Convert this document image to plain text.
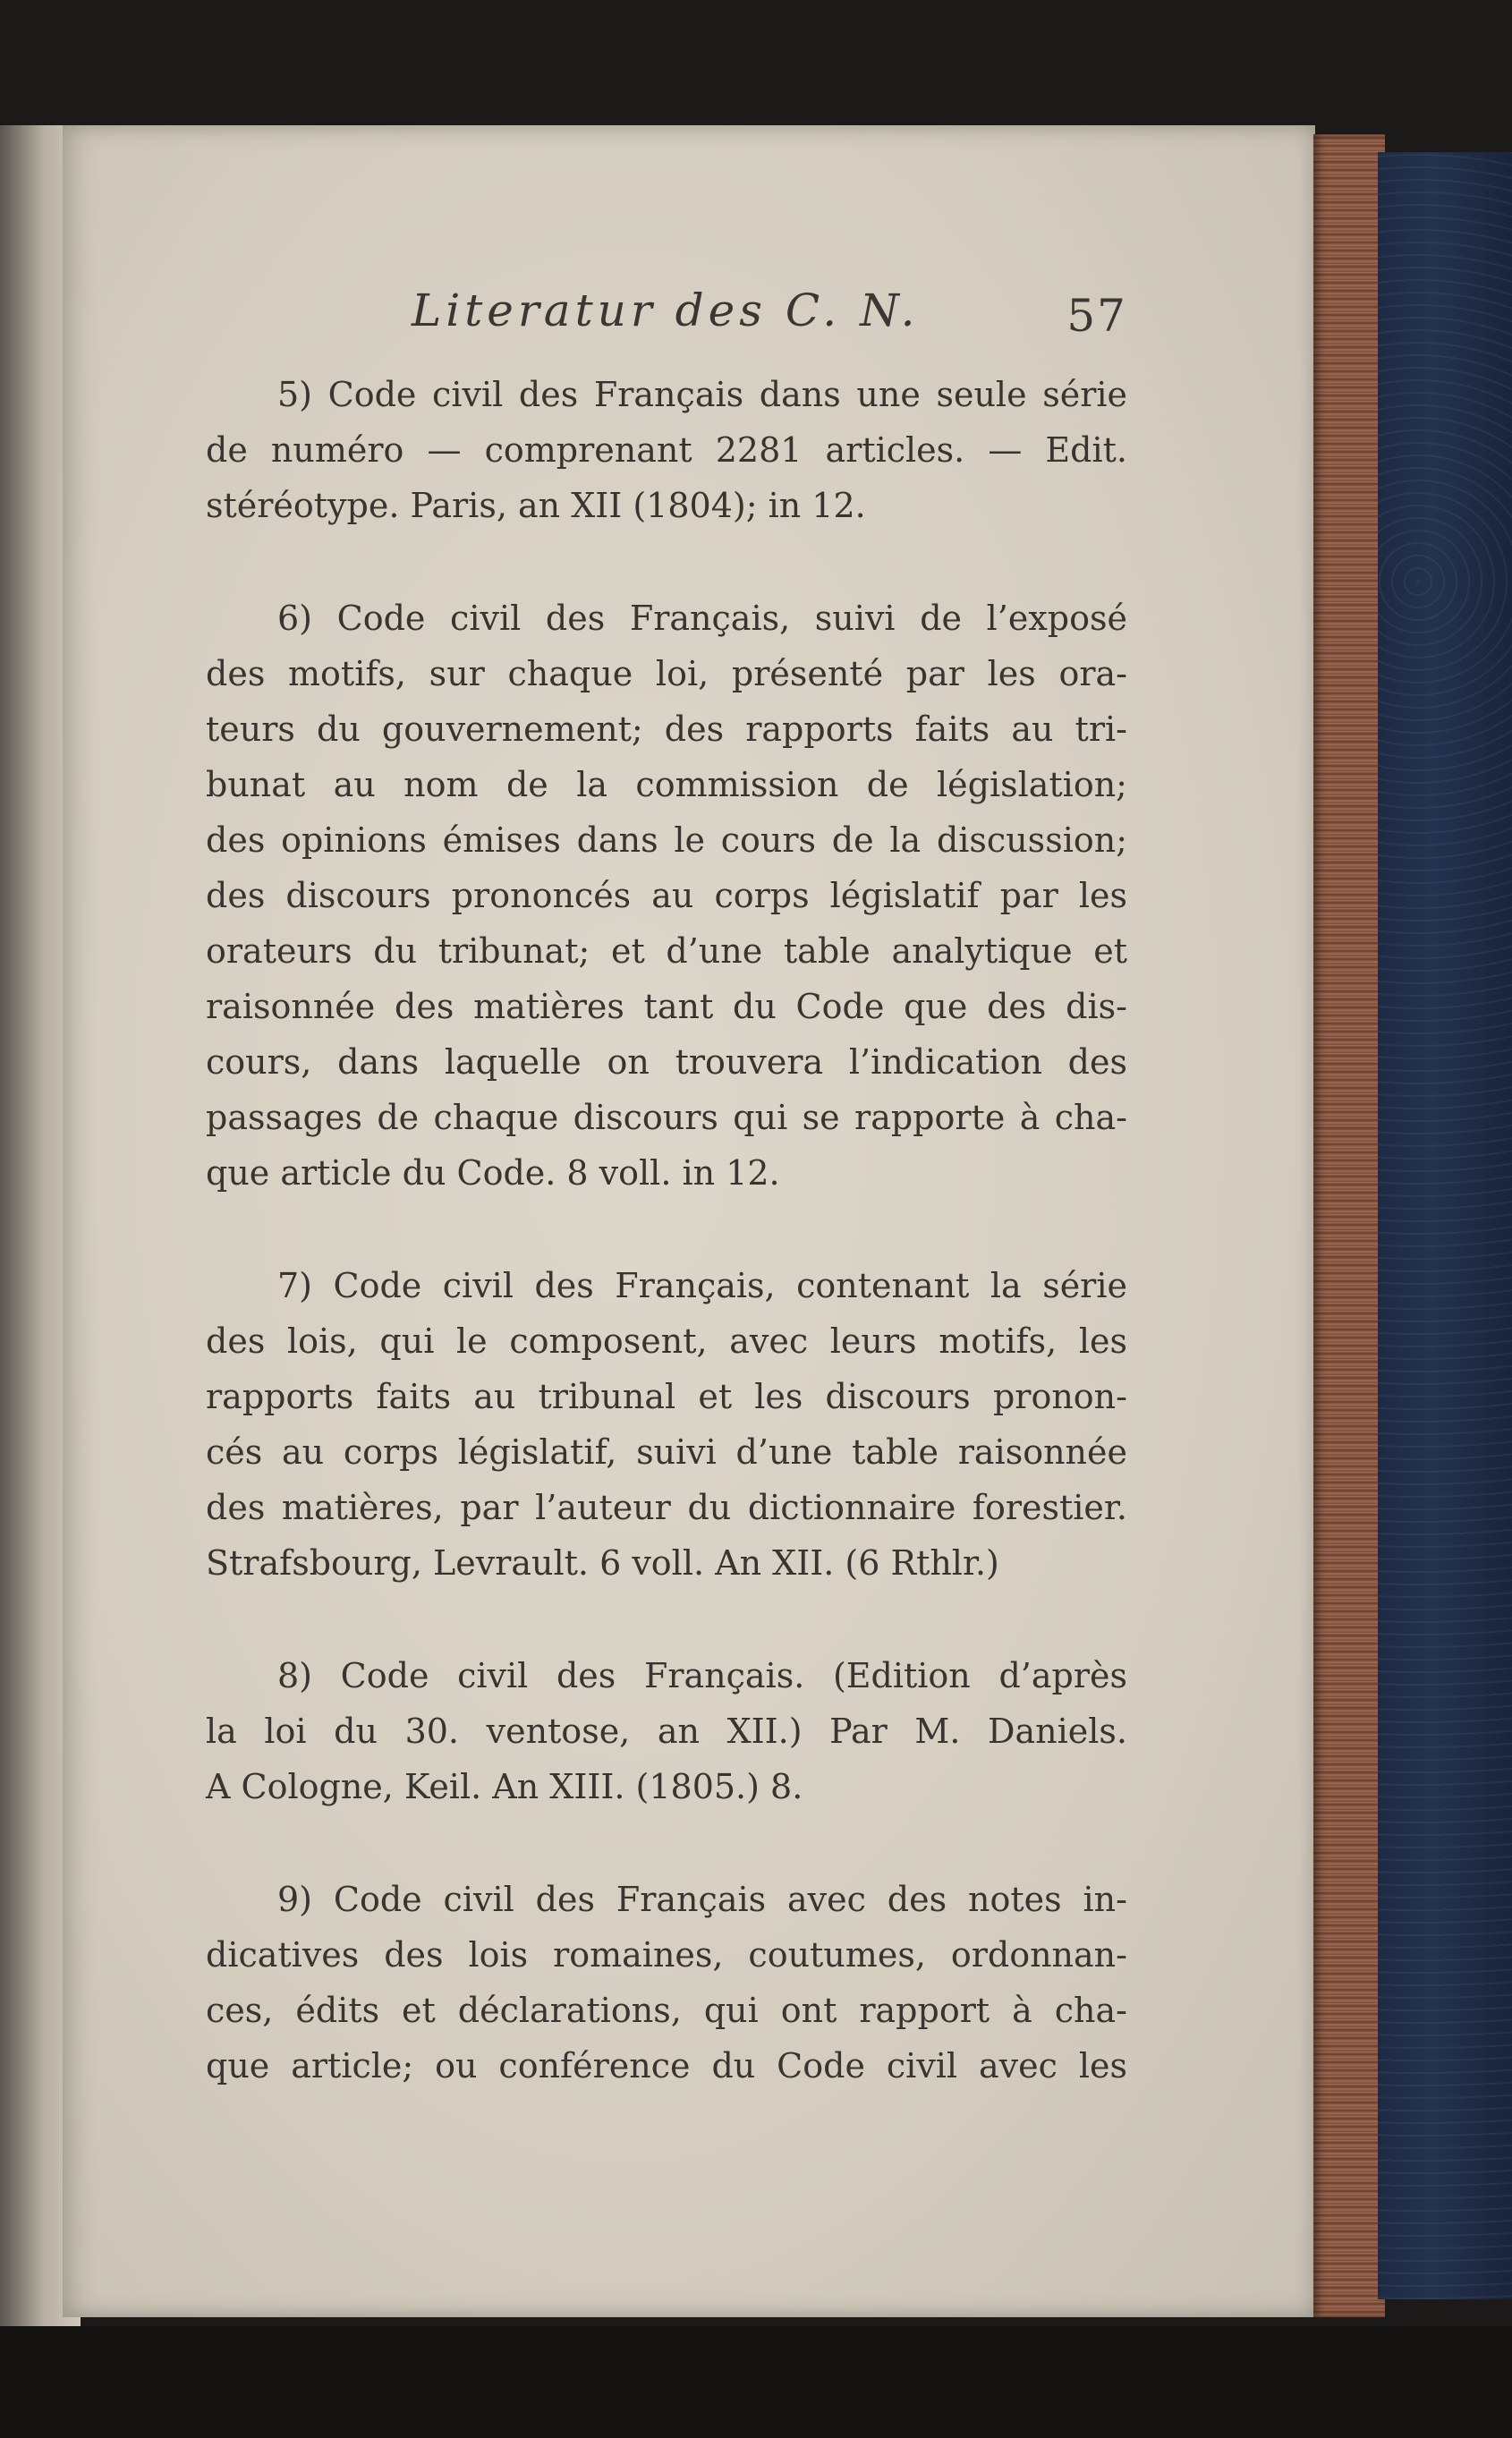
Literatur des C. N.	57
5) Code civil des Français dans une seule série
de numéro — comprenant 2281 articles. — Edit.
stéréotype. Paris, an XII (1804); in 12.
6) Code civil des Français, suivi de l’exposé
des motifs, sur chaque loi, présenté par les ora-
teurs du gouvernement; des rapports faits au tri-
bunat au nom de la commission de législation;
des opinions émises dans le cours de la discussion;
des discours prononcés au corps législatif par les
orateurs du tribunat; et d’une table analytique et
raisonnée des matières tant du Code que des dis-
cours, dans laquelle on trouvera l’indication des
passages de chaque discours qui se rapporte à cha-
que article du Code. 8 voll. in 12.
7) Code civil des Français, contenant la série
des lois, qui le composent, avec leurs motifs, les
rapports faits au tribunal et les discours pronon-
cés au corps législatif, suivi d’une table raisonnée
des matières, par l’auteur du dictionnaire forestier.
Strafsbourg, Levrault. 6 voll. An XII. (6 Rthlr.)
8) Code civil des Français. (Edition d’après
la loi du 30. ventose, an XII.) Par M. Daniels.
A Cologne, Keil. An XIII. (1805.) 8.
9) Code civil des Français avec des notes in-
dicatives des lois romaines, coutumes, ordonnan-
ces, édits et déclarations, qui ont rapport à cha-
que article; ou conférence du Code civil avec les
